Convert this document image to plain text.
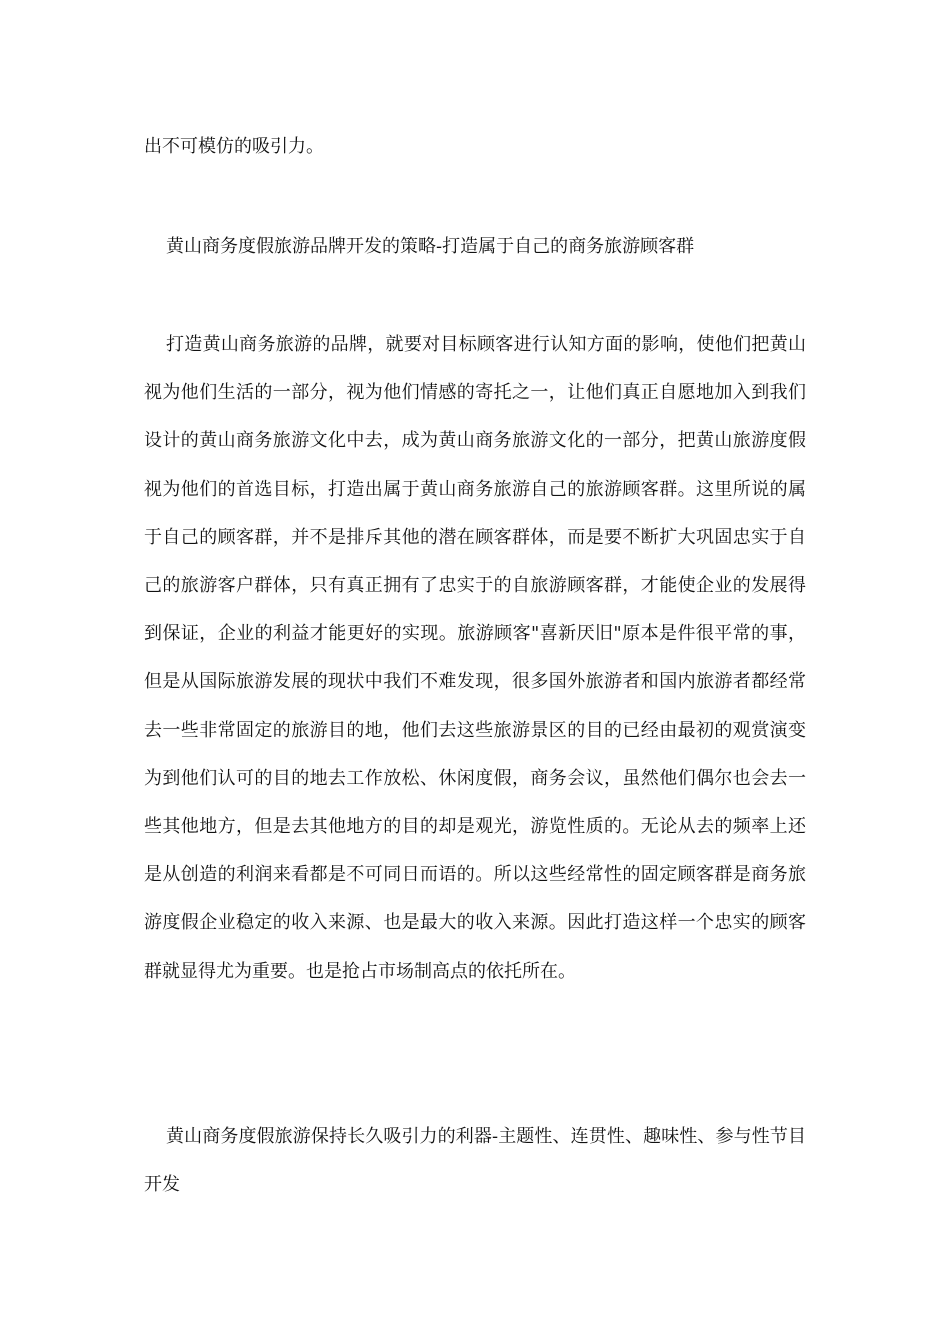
出不可模仿的吸引力。
黄山商务度假旅游品牌开发的策略-打造属于自己的商务旅游顾客群
打造黄山商务旅游的品牌，就要对目标顾客进行认知方面的影响，使他们把黄山视为他们生活的一部分，视为他们情感的寄托之一，让他们真正自愿地加入到我们设计的黄山商务旅游文化中去，成为黄山商务旅游文化的一部分，把黄山旅游度假视为他们的首选目标，打造出属于黄山商务旅游自己的旅游顾客群。这里所说的属于自己的顾客群，并不是排斥其他的潜在顾客群体，而是要不断扩大巩固忠实于自己的旅游客户群体，只有真正拥有了忠实于的自旅游顾客群，才能使企业的发展得到保证，企业的利益才能更好的实现。旅游顾客"喜新厌旧"原本是件很平常的事，但是从国际旅游发展的现状中我们不难发现，很多国外旅游者和国内旅游者都经常去一些非常固定的旅游目的地，他们去这些旅游景区的目的已经由最初的观赏演变为到他们认可的目的地去工作放松、休闲度假，商务会议，虽然他们偶尔也会去一些其他地方，但是去其他地方的目的却是观光，游览性质的。无论从去的频率上还是从创造的利润来看都是不可同日而语的。所以这些经常性的固定顾客群是商务旅游度假企业稳定的收入来源、也是最大的收入来源。因此打造这样一个忠实的顾客群就显得尤为重要。也是抢占市场制高点的依托所在。
黄山商务度假旅游保持长久吸引力的利器-主题性、连贯性、趣味性、参与性节目开发
